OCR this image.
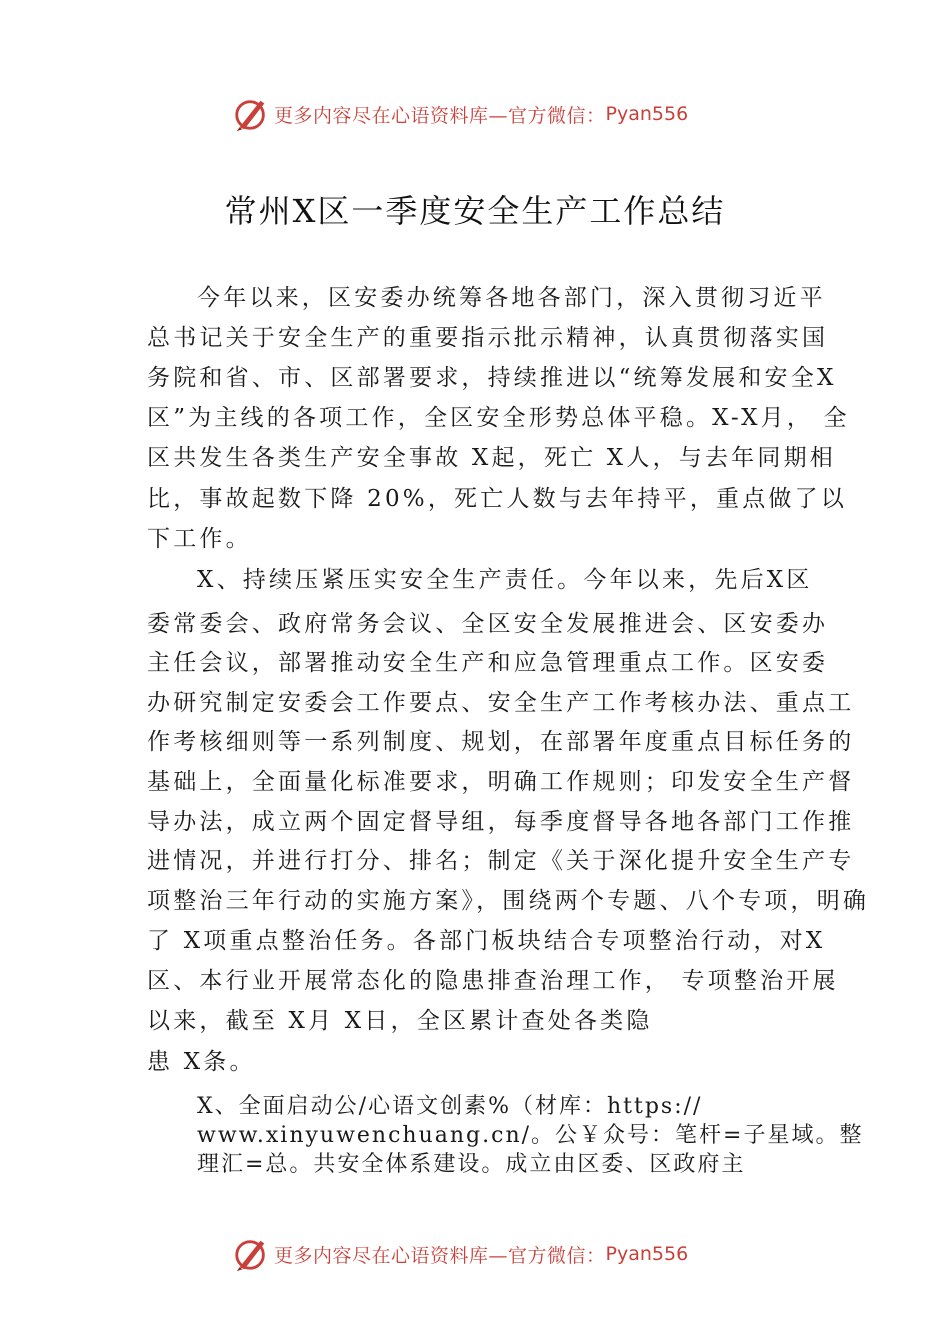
更多内容尽在心语资料库—官方微信： Pyan556
常州X区一季度安全生产工作总结
今年以来，区安委办统筹各地各部门，深入贯彻习近平
总书记关于安全生产的重要指示批示精神，认真贯彻落实国
务院和省、市、区部署要求，持续推进以“统筹发展和安全X
区”为主线的各项工作，全区安全形势总体平稳。X-X月， 全
区共发生各类生产安全事故 X起，死亡 X人，与去年同期相
比，事故起数下降 20%，死亡人数与去年持平，重点做了以
下工作。
X、持续压紧压实安全生产责任。今年以来，先后X区
委常委会、政府常务会议、全区安全发展推进会、区安委办
主任会议，部署推动安全生产和应急管理重点工作。区安委
办研究制定安委会工作要点、安全生产工作考核办法、重点工
作考核细则等一系列制度、规划，在部署年度重点目标任务的
基础上，全面量化标准要求，明确工作规则；印发安全生产督
导办法，成立两个固定督导组，每季度督导各地各部门工作推
进情况，并进行打分、排名；制定《关于深化提升安全生产专
项整治三年行动的实施方案》，围绕两个专题、八个专项，明确
了 X项重点整治任务。各部门板块结合专项整治行动，对X
区、本行业开展常态化的隐患排查治理工作， 专项整治开展
以来，截至 X月 X日，全区累计查处各类隐
患 X条。
X、全面启动公/心语文创素%（材库：https://
www.xinyuwenchuang.cn/。公￥众号：笔杆=子星域。整
理汇=总。共安全体系建设。成立由区委、区政府主
更多内容尽在心语资料库—官方微信： Pyan556
